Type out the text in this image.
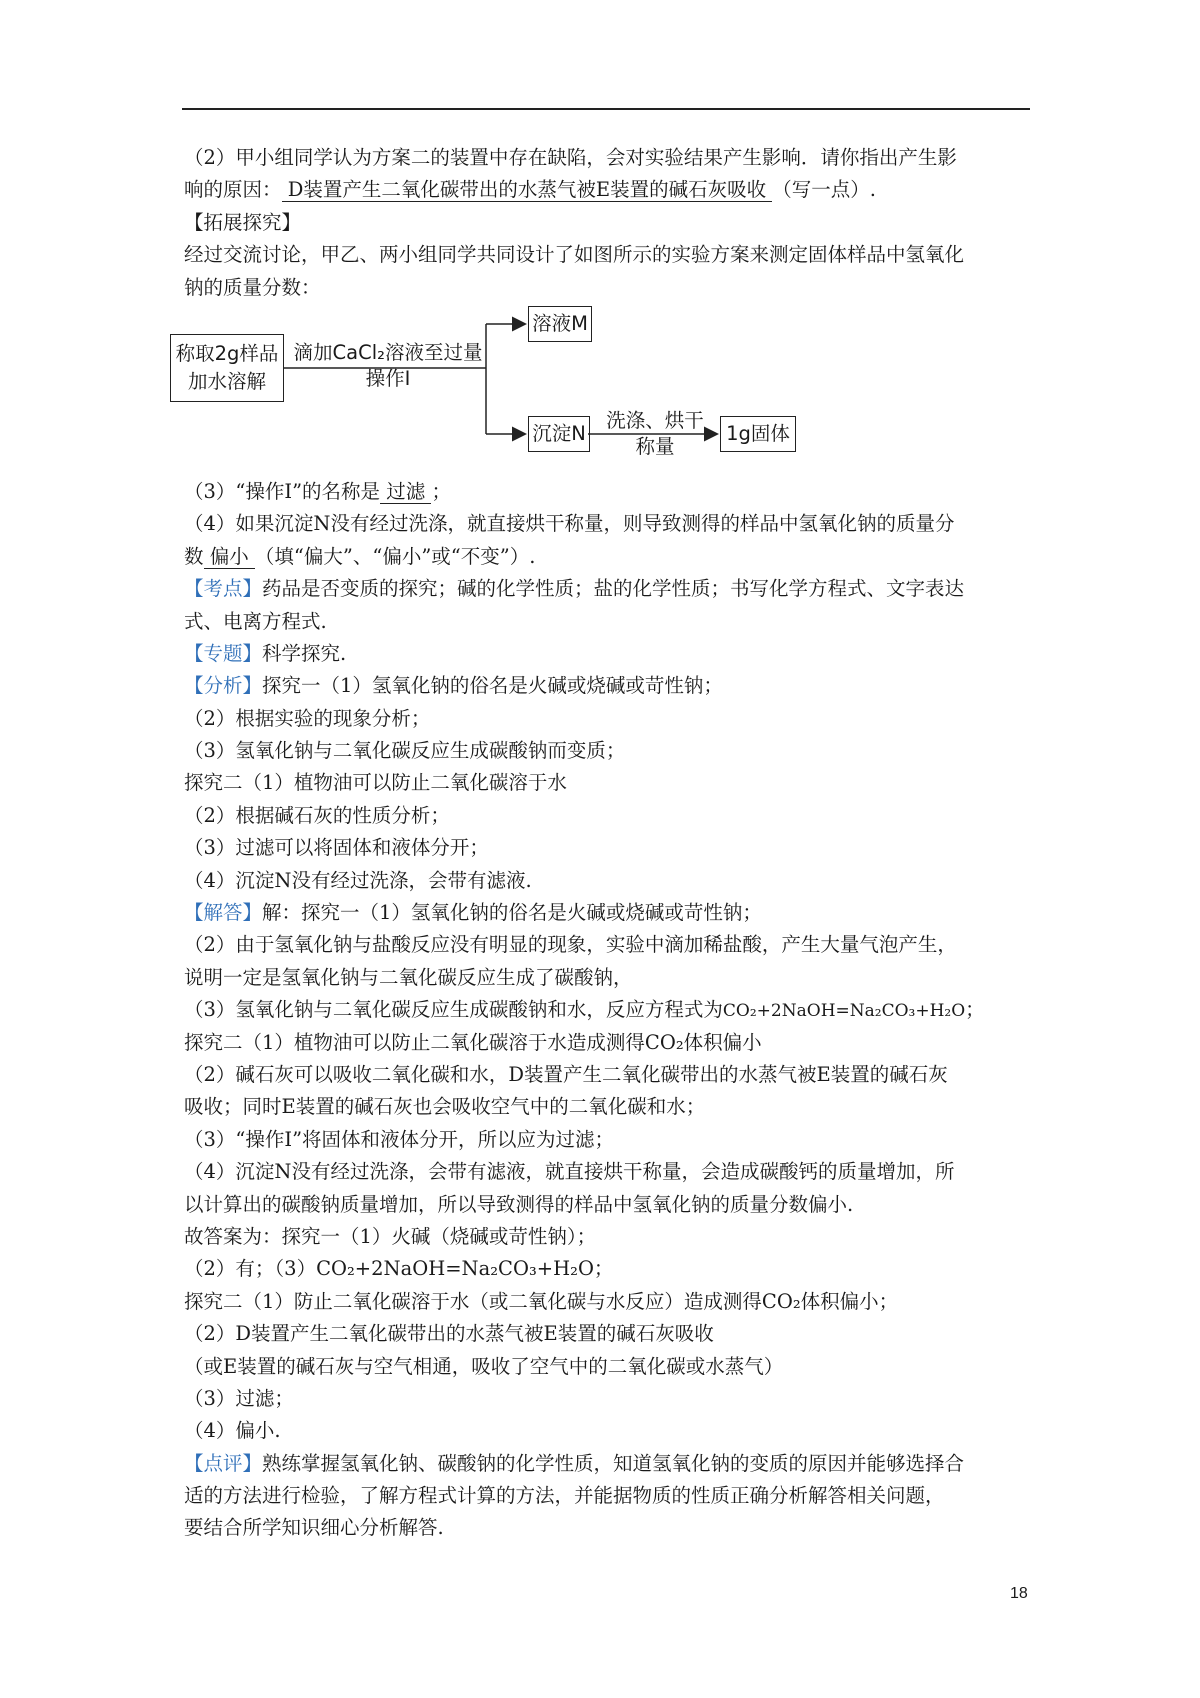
（2）甲小组同学认为方案二的装置中存在缺陷，会对实验结果产生影响．请你指出产生影
响的原因： D装置产生二氧化碳带出的水蒸气被E装置的碱石灰吸收 （写一点）.
【拓展探究】
经过交流讨论，甲乙、两小组同学共同设计了如图所示的实验方案来测定固体样品中氢氧化
钠的质量分数：
称取2g样品
加水溶解
滴加CaCl₂溶液至过量
操作Ⅰ
溶液M
沉淀N
洗涤、烘干
称量
1g固体
（3）“操作Ⅰ”的名称是 过滤 ；
（4）如果沉淀N没有经过洗涤，就直接烘干称量，则导致测得的样品中氢氧化钠的质量分
数 偏小 （填“偏大”、“偏小”或“不变”）.
【考点】药品是否变质的探究；碱的化学性质；盐的化学性质；书写化学方程式、文字表达
式、电离方程式.
【专题】科学探究.
【分析】探究一（1）氢氧化钠的俗名是火碱或烧碱或苛性钠；
（2）根据实验的现象分析；
（3）氢氧化钠与二氧化碳反应生成碳酸钠而变质；
探究二（1）植物油可以防止二氧化碳溶于水
（2）根据碱石灰的性质分析；
（3）过滤可以将固体和液体分开；
（4）沉淀N没有经过洗涤，会带有滤液.
【解答】解：探究一（1）氢氧化钠的俗名是火碱或烧碱或苛性钠；
（2）由于氢氧化钠与盐酸反应没有明显的现象，实验中滴加稀盐酸，产生大量气泡产生，
说明一定是氢氧化钠与二氧化碳反应生成了碳酸钠，
（3）氢氧化钠与二氧化碳反应生成碳酸钠和水，反应方程式为CO₂+2NaOH=Na₂CO₃+H₂O；
探究二（1）植物油可以防止二氧化碳溶于水造成测得CO₂体积偏小
（2）碱石灰可以吸收二氧化碳和水，D装置产生二氧化碳带出的水蒸气被E装置的碱石灰
吸收；同时E装置的碱石灰也会吸收空气中的二氧化碳和水；
（3）“操作Ⅰ”将固体和液体分开，所以应为过滤；
（4）沉淀N没有经过洗涤，会带有滤液，就直接烘干称量，会造成碳酸钙的质量增加，所
以计算出的碳酸钠质量增加，所以导致测得的样品中氢氧化钠的质量分数偏小.
故答案为：探究一（1）火碱（烧碱或苛性钠）；
（2）有；（3）CO₂+2NaOH=Na₂CO₃+H₂O；
探究二（1）防止二氧化碳溶于水（或二氧化碳与水反应）造成测得CO₂体积偏小；
（2）D装置产生二氧化碳带出的水蒸气被E装置的碱石灰吸收
（或E装置的碱石灰与空气相通，吸收了空气中的二氧化碳或水蒸气）
（3）过滤；
（4）偏小.
【点评】熟练掌握氢氧化钠、碳酸钠的化学性质，知道氢氧化钠的变质的原因并能够选择合
适的方法进行检验，了解方程式计算的方法，并能据物质的性质正确分析解答相关问题，
要结合所学知识细心分析解答.
18
